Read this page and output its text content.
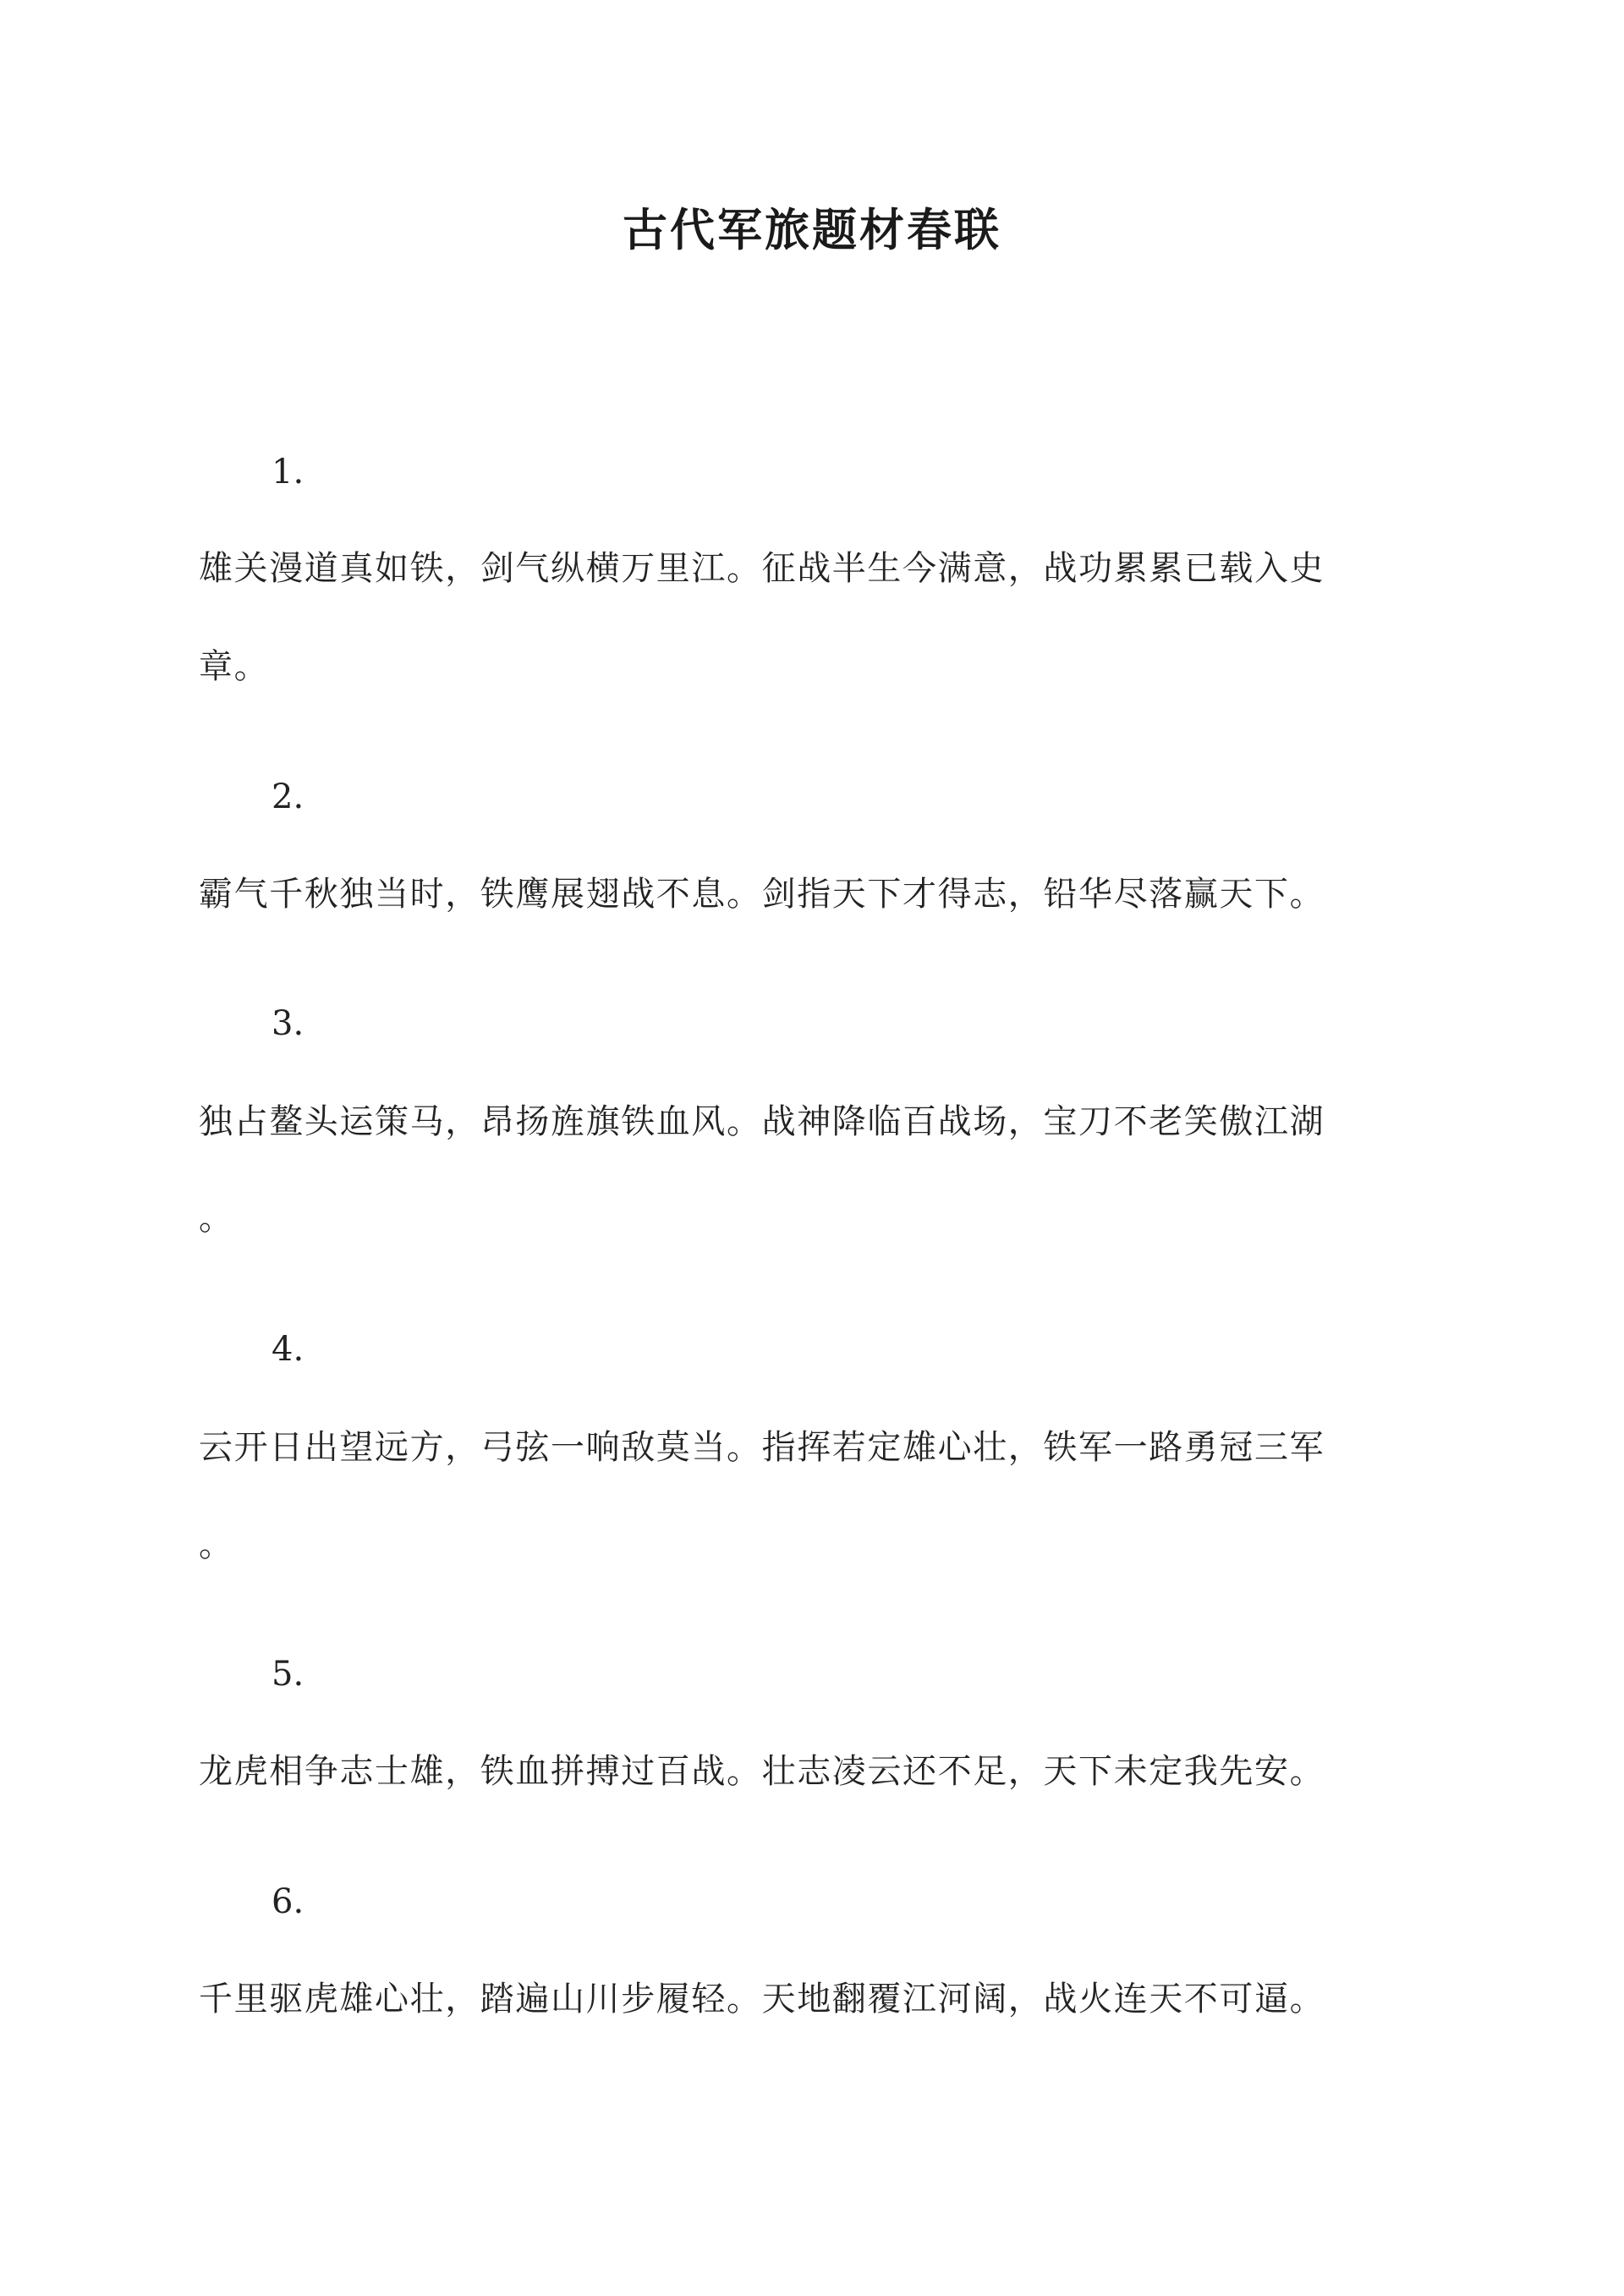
古代军旅题材春联
1.
雄关漫道真如铁，剑气纵横万里江。征战半生今满意，战功累累已载入史
章。
2.
霸气千秋独当时，铁鹰展翅战不息。剑指天下才得志，铅华尽落赢天下。
3.
独占鳌头运策马，昂扬旌旗铁血风。战神降临百战场，宝刀不老笑傲江湖
。
4.
云开日出望远方，弓弦一响敌莫当。指挥若定雄心壮，铁军一路勇冠三军
。
5.
龙虎相争志士雄，铁血拼搏过百战。壮志凌云还不足，天下未定我先安。
6.
千里驱虎雄心壮，踏遍山川步履轻。天地翻覆江河阔，战火连天不可逼。
